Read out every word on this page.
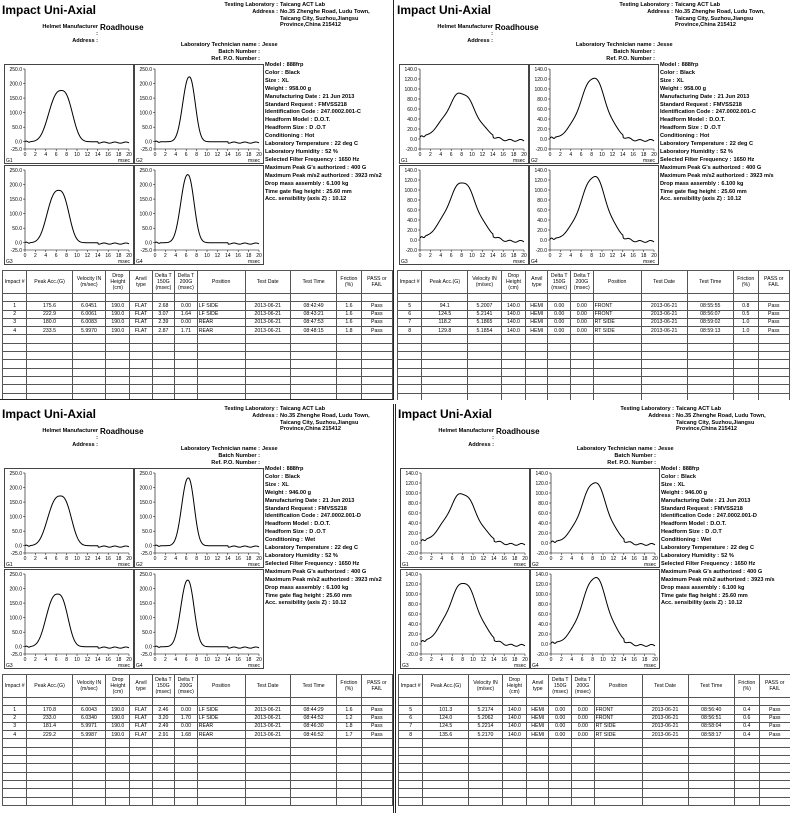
Impact Uni-Axial	Testing Laboratory : Taicang ACT Lab
Address : No.35 Zhenghe Road, Ludu Town,
Taicang City, Suzhou,Jiangsu
Province,China 215412
Helmet Manufacturer :
Roadhouse
Address :
Laboratory Technician name : Jesse
Batch Number :
Ref. P.O. Number :
250.0
200.0
150.0
100.0
50.0
0.0
-25.0
0 2 4 6 8 10 12 14 16 18 20
msec
G1
250.0
200.0
150.0
100.0
50.0
0.0
-25.0
0 2 4 6 8 10 12 14 16 18 20
msec
G2
250.0
200.0
150.0
100.0
50.0
0.0
-25.0
0 2 4 6 8 10 12 14 16 18 20
msec
G3
250.0
200.0
150.0
100.0
50.0
0.0
-25.0
0 2 4 6 8 10 12 14 16 18 20
msec
G4
Model : 888frp
Color : Black
Size : XL
Weight : 958.00 g
Manufacturing Date : 21 Jun 2013
Standard Request : FMVSS218
Identification Code : 247.0002.001-C
Headform Model : D.O.T.
Headform Size : D .O.T
Conditioning : Hot
Laboratory Temperature : 22 deg C
Laboratory Humidity : 52 %
Selected Filter Frequency : 1650 Hz
Maximum Peak G's authorized : 400 G
Maximum Peak m/s2 authorized : 3923 m/s2
Drop mass assembly : 6.100 kg
Time gate flag height : 25.60 mm
Acc. sensibility (axis Z) : 10.12
Impact #	Peak Acc.(G)	Velocity IN (m/sec)	Drop Height (cm)	Anvil type	Delta T 150G (msec)	Delta T 200G (msec)	Position	Test Date	Test Time	Friction (%)	PASS or FAIL

1	175.6	6.0451	190.0	FLAT	2.68	0.00	LF SIDE	2013-06-21	08:42:49	1.6	Pass
2	222.9	6.0061	190.0	FLAT	3.07	1.64	LF SIDE	2013-06-21	08:43:21	1.6	Pass
3	180.0	6.0083	190.0	FLAT	2.39	0.00	REAR	2013-06-21	08:47:53	1.6	Pass
4	233.5	5.9970	190.0	FLAT	2.87	1.71	REAR	2013-06-21	08:48:15	1.8	Pass

Impact Uni-Axial	Testing Laboratory : Taicang ACT Lab
Address : No.35 Zhenghe Road, Ludu Town,
Taicang City, Suzhou,Jiangsu
Province,China 215412
Helmet Manufacturer :
Roadhouse
Address :
Laboratory Technician name : Jesse
Batch Number :
Ref. P.O. Number :
140.0
120.0
100.0
80.0
60.0
40.0
20.0
0.0
-20.0
0 2 4 6 8 10 12 14 16 18 20
msec
G1
140.0
120.0
100.0
80.0
60.0
40.0
20.0
0.0
-20.0
0 2 4 6 8 10 12 14 16 18 20
msec
G2
140.0
120.0
100.0
80.0
60.0
40.0
20.0
0.0
-20.0
0 2 4 6 8 10 12 14 16 18 20
msec
G3
140.0
120.0
100.0
80.0
60.0
40.0
20.0
0.0
-20.0
0 2 4 6 8 10 12 14 16 18 20
msec
G4
Model : 888frp
Color : Black
Size : XL
Weight : 958.00 g
Manufacturing Date : 21 Jun 2013
Standard Request : FMVSS218
Identification Code : 247.0002.001-C
Headform Model : D.O.T.
Headform Size : D .O.T
Conditioning : Hot
Laboratory Temperature : 22 deg C
Laboratory Humidity : 52 %
Selected Filter Frequency : 1650 Hz
Maximum Peak G's authorized : 400 G
Maximum Peak m/s2 authorized : 3923 m/s
Drop mass assembly : 6.100 kg
Time gate flag height : 25.60 mm
Acc. sensibility (axis Z) : 10.12
Impact #	Peak Acc.(G)	Velocity IN (m/sec)	Drop Height (cm)	Anvil type	Delta T 150G (msec)	Delta T 200G (msec)	Position	Test Date	Test Time	Friction (%)	PASS or FAIL

5	94.1	5.2007	140.0	HEMI	0.00	0.00	FRONT	2013-06-21	08:55:55	0.8	Pass
6	124.5	5.2141	140.0	HEMI	0.00	0.00	FRONT	2013-06-21	08:56:07	0.5	Pass
7	118.2	5.1865	140.0	HEMI	0.00	0.00	RT SIDE	2013-06-21	08:59:02	1.0	Pass
8	129.8	5.1854	140.0	HEMI	0.00	0.00	RT SIDE	2013-06-21	08:59:13	1.0	Pass

Impact Uni-Axial	Testing Laboratory : Taicang ACT Lab
Address : No.35 Zhenghe Road, Ludu Town,
Taicang City, Suzhou,Jiangsu
Province,China 215412
Helmet Manufacturer :
Roadhouse
Address :
Laboratory Technician name : Jesse
Batch Number :
Ref. P.O. Number :
250.0
200.0
150.0
100.0
50.0
0.0
-25.0
0 2 4 6 8 10 12 14 16 18 20
msec
G1
250.0
200.0
150.0
100.0
50.0
0.0
-25.0
0 2 4 6 8 10 12 14 16 18 20
msec
G2
250.0
200.0
150.0
100.0
50.0
0.0
-25.0
0 2 4 6 8 10 12 14 16 18 20
msec
G3
250.0
200.0
150.0
100.0
50.0
0.0
-25.0
0 2 4 6 8 10 12 14 16 18 20
msec
G4
Model : 888frp
Color : Black
Size : XL
Weight : 946.00 g
Manufacturing Date : 21 Jun 2013
Standard Request : FMVSS218
Identification Code : 247.0002.001-D
Headform Model : D.O.T.
Headform Size : D .O.T
Conditioning : Wet
Laboratory Temperature : 22 deg C
Laboratory Humidity : 52 %
Selected Filter Frequency : 1650 Hz
Maximum Peak G's authorized : 400 G
Maximum Peak m/s2 authorized : 3923 m/s2
Drop mass assembly : 6.100 kg
Time gate flag height : 25.60 mm
Acc. sensibility (axis Z) : 10.12
Impact #	Peak Acc.(G)	Velocity IN (m/sec)	Drop Height (cm)	Anvil type	Delta T 150G (msec)	Delta T 200G (msec)	Position	Test Date	Test Time	Friction (%)	PASS or FAIL

1	170.8	6.0043	190.0	FLAT	2.46	0.00	LF SIDE	2013-06-21	08:44:29	1.6	Pass
2	233.0	6.0340	190.0	FLAT	3.20	1.70	LF SIDE	2013-06-21	08:44:52	1.2	Pass
3	181.4	5.9971	190.0	FLAT	2.49	0.00	REAR	2013-06-21	08:46:30	1.8	Pass
4	229.2	5.9987	190.0	FLAT	2.91	1.68	REAR	2013-06-21	08:46:52	1.7	Pass

Impact Uni-Axial	Testing Laboratory : Taicang ACT Lab
Address : No.35 Zhenghe Road, Ludu Town,
Taicang City, Suzhou,Jiangsu
Province,China 215412
Helmet Manufacturer :
Roadhouse
Address :
Laboratory Technician name : Jesse
Batch Number :
Ref. P.O. Number :
140.0
120.0
100.0
80.0
60.0
40.0
20.0
0.0
-20.0
0 2 4 6 8 10 12 14 16 18 20
msec
G1
140.0
120.0
100.0
80.0
60.0
40.0
20.0
0.0
-20.0
0 2 4 6 8 10 12 14 16 18 20
msec
G2
140.0
120.0
100.0
80.0
60.0
40.0
20.0
0.0
-20.0
0 2 4 6 8 10 12 14 16 18 20
msec
G3
140.0
120.0
100.0
80.0
60.0
40.0
20.0
0.0
-20.0
0 2 4 6 8 10 12 14 16 18 20
msec
G4
Model : 888frp
Color : Black
Size : XL
Weight : 946.00 g
Manufacturing Date : 21 Jun 2013
Standard Request : FMVSS218
Identification Code : 247.0002.001-D
Headform Model : D.O.T.
Headform Size : D .O.T
Conditioning : Wet
Laboratory Temperature : 22 deg C
Laboratory Humidity : 52 %
Selected Filter Frequency : 1650 Hz
Maximum Peak G's authorized : 400 G
Maximum Peak m/s2 authorized : 3923 m/s
Drop mass assembly : 6.100 kg
Time gate flag height : 25.60 mm
Acc. sensibility (axis Z) : 10.12
Impact #	Peak Acc.(G)	Velocity IN (m/sec)	Drop Height (cm)	Anvil type	Delta T 150G (msec)	Delta T 200G (msec)	Position	Test Date	Test Time	Friction (%)	PASS or FAIL

5	101.3	5.2174	140.0	HEMI	0.00	0.00	FRONT	2013-06-21	08:56:40	0.4	Pass
6	124.0	5.2062	140.0	HEMI	0.00	0.00	FRONT	2013-06-21	08:56:51	0.6	Pass
7	124.5	5.2214	140.0	HEMI	0.00	0.00	RT SIDE	2013-06-21	08:58:04	0.4	Pass
8	135.6	5.2170	140.0	HEMI	0.00	0.00	RT SIDE	2013-06-21	08:58:17	0.4	Pass
